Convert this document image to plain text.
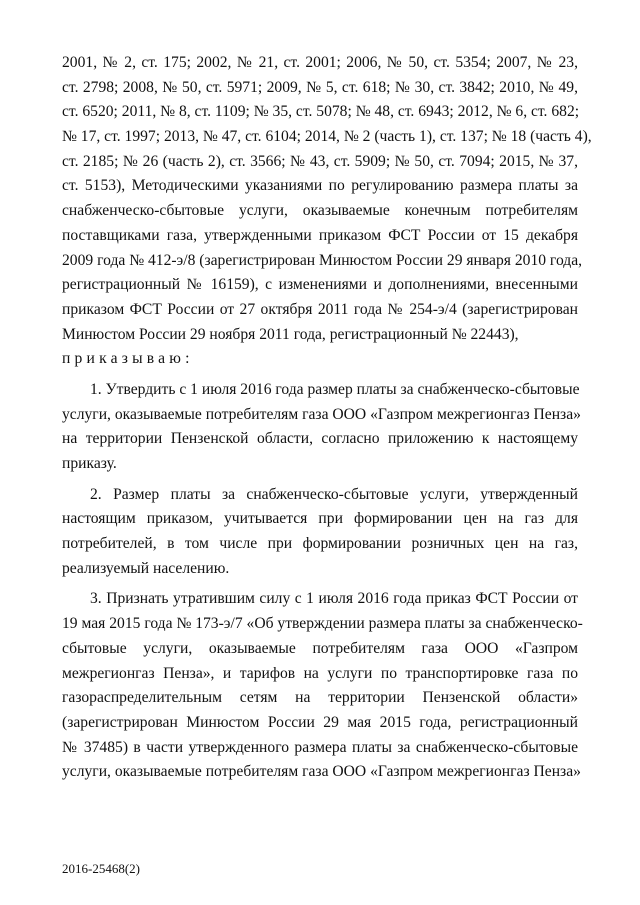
2001, № 2, ст. 175; 2002, № 21, ст. 2001; 2006, № 50, ст. 5354; 2007, № 23,
ст. 2798; 2008, № 50, ст. 5971; 2009, № 5, ст. 618; № 30, ст. 3842; 2010, № 49,
ст. 6520; 2011, № 8, ст. 1109; № 35, ст. 5078; № 48, ст. 6943; 2012, № 6, ст. 682;
№ 17, ст. 1997; 2013, № 47, ст. 6104; 2014, № 2 (часть 1), ст. 137; № 18 (часть 4),
ст. 2185; № 26 (часть 2), ст. 3566; № 43, ст. 5909; № 50, ст. 7094; 2015, № 37,
ст. 5153), Методическими указаниями по регулированию размера платы за
снабженческо-сбытовые услуги, оказываемые конечным потребителям
поставщиками газа, утвержденными приказом ФСТ России от 15 декабря
2009 года № 412-э/8 (зарегистрирован Минюстом России 29 января 2010 года,
регистрационный № 16159), с изменениями и дополнениями, внесенными
приказом ФСТ России от 27 октября 2011 года № 254-э/4 (зарегистрирован
Минюстом России 29 ноября 2011 года, регистрационный № 22443),
приказываю:
1. Утвердить с 1 июля 2016 года размер платы за снабженческо-сбытовые
услуги, оказываемые потребителям газа ООО «Газпром межрегионгаз Пенза»
на территории Пензенской области, согласно приложению к настоящему
приказу.
2. Размер платы за снабженческо-сбытовые услуги, утвержденный
настоящим приказом, учитывается при формировании цен на газ для
потребителей, в том числе при формировании розничных цен на газ,
реализуемый населению.
3. Признать утратившим силу с 1 июля 2016 года приказ ФСТ России от
19 мая 2015 года № 173-э/7 «Об утверждении размера платы за снабженческо-
сбытовые услуги, оказываемые потребителям газа ООО «Газпром
межрегионгаз Пенза», и тарифов на услуги по транспортировке газа по
газораспределительным сетям на территории Пензенской области»
(зарегистрирован Минюстом России 29 мая 2015 года, регистрационный
№ 37485) в части утвержденного размера платы за снабженческо-сбытовые
услуги, оказываемые потребителям газа ООО «Газпром межрегионгаз Пенза»
2016-25468(2)
